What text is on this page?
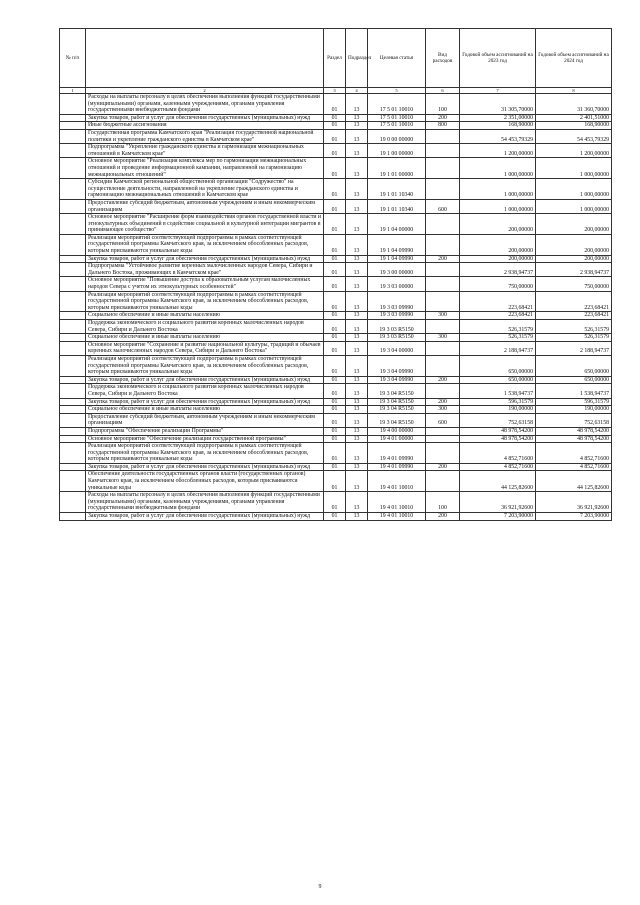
№ п/п		Раздел	Подраздел	Целевая статья	Вид расходов	Годовой объем ассигнований на 2023 год	Годовой объем ассигнований на 2024 год
1	2	3	4	5	6	7	8
	Расходы на выплаты персоналу в целях обеспечения выполнения функций государственными (муниципальными) органами, казенными учреждениями, органами управления государственными внебюджетными фондами	01	13	17 5 01 10010	100	31 305,70000	31 360,70000
	Закупка товаров, работ и услуг для обеспечения государственных (муниципальных) нужд	01	13	17 5 01 10010	200	2 351,00000	2 401,51000
	Иные бюджетные ассигнования	01	13	17 5 01 10010	800	168,90000	168,90000
	Государственная программа Камчатского края "Реализация государственной национальной политики и укрепление гражданского единства в Камчатском крае"	01	13	19 0 00 00000		54 453,79329	54 453,79329
	Подпрограмма "Укрепление гражданского единства и гармонизация межнациональных отношений в Камчатском крае"	01	13	19 1 00 00000		1 200,00000	1 200,00000
	Основное мероприятие "Реализация комплекса мер по гармонизации межнациональных отношений и проведение информационной кампании, направленной на гармонизацию межнациональных отношений"	01	13	19 1 01 00000		1 000,00000	1 000,00000
	Субсидия Камчатской региональной общественной организации "Содружество" на осуществление деятельности, направленной на укрепление гражданского единства и гармонизацию межнациональных отношений в Камчатском крае	01	13	19 1 01 10340		1 000,00000	1 000,00000
	Предоставление субсидий бюджетным, автономным учреждениям и иным некоммерческим организациям	01	13	19 1 01 10340	600	1 000,00000	1 000,00000
	Основное мероприятие "Расширение форм взаимодействия органов государственной власти и этнокультурных объединений в содействие социальной и культурной интеграции мигрантов в принимающее сообщество"	01	13	19 1 04 00000		200,00000	200,00000
	Реализация мероприятий соответствующей подпрограммы в рамках соответствующей государственной программы Камчатского края, за исключением обособленных расходов, которым присваиваются уникальные коды	01	13	19 1 04 09990		200,00000	200,00000
	Закупка товаров, работ и услуг для обеспечения государственных (муниципальных) нужд	01	13	19 1 04 09990	200	200,00000	200,00000
	Подпрограмма "Устойчивое развитие коренных малочисленных народов Севера, Сибири и Дальнего Востока, проживающих в Камчатском крае"	01	13	19 3 00 00000		2 938,94737	2 938,94737
	Основное мероприятие "Повышение доступа к образовательным услугам малочисленных народов Севера с учетом их этнокультурных особенностей"	01	13	19 3 03 00000		750,00000	750,00000
	Реализация мероприятий соответствующей подпрограммы в рамках соответствующей государственной программы Камчатского края, за исключением обособленных расходов, которым присваиваются уникальные коды	01	13	19 3 03 09990		223,68421	223,68421
	Социальное обеспечение и иные выплаты населению	01	13	19 3 03 09990	300	223,68421	223,68421
	Поддержка экономического и социального развития коренных малочисленных народов Севера, Сибири и Дальнего Востока	01	13	19 3 03 R5150		526,31579	526,31579
	Социальное обеспечение и иные выплаты населению	01	13	19 3 03 R5150	300	526,31579	526,31579
	Основное мероприятие "Сохранение и развитие национальной культуры, традиций и обычаев коренных малочисленных народов Севера, Сибири и Дальнего Востока"	01	13	19 3 04 00000		2 188,94737	2 188,94737
	Реализация мероприятий соответствующей подпрограммы в рамках соответствующей государственной программы Камчатского края, за исключением обособленных расходов, которым присваиваются уникальные коды	01	13	19 3 04 09990		650,00000	650,00000
	Закупка товаров, работ и услуг для обеспечения государственных (муниципальных) нужд	01	13	19 3 04 09990	200	650,00000	650,00000
	Поддержка экономического и социального развития коренных малочисленных народов Севера, Сибири и Дальнего Востока	01	13	19 3 04 R5150		1 538,94737	1 538,94737
	Закупка товаров, работ и услуг для обеспечения государственных (муниципальных) нужд	01	13	19 3 04 R5150	200	596,31579	596,31579
	Социальное обеспечение и иные выплаты населению	01	13	19 3 04 R5150	300	190,00000	190,00000
	Предоставление субсидий бюджетным, автономным учреждениям и иным некоммерческим организациям	01	13	19 3 04 R5150	600	752,63158	752,63158
	Подпрограмма "Обеспечение реализации Программы"	01	13	19 4 00 00000		48 978,54200	48 978,54200
	Основное мероприятие "Обеспечение реализации государственной программы"	01	13	19 4 01 00000		48 978,54200	48 978,54200
	Реализация мероприятий соответствующей подпрограммы в рамках соответствующей государственной программы Камчатского края, за исключением обособленных расходов, которым присваиваются уникальные коды	01	13	19 4 01 09990		4 852,71600	4 852,71600
	Закупка товаров, работ и услуг для обеспечения государственных (муниципальных) нужд	01	13	19 4 01 09990	200	4 852,71600	4 852,71600
	Обеспечение деятельности государственных органов власти (государственных органов) Камчатского края, за исключением обособленных расходов, которым присваиваются уникальные коды	01	13	19 4 01 10010		44 125,82600	44 125,82600
	Расходы на выплаты персоналу в целях обеспечения выполнения функций государственными (муниципальными) органами, казенными учреждениями, органами управления государственными внебюджетными фондами	01	13	19 4 01 10010	100	36 921,92600	36 921,92600
	Закупка товаров, работ и услуг для обеспечения государственных (муниципальных) нужд	01	13	19 4 01 10010	200	7 203,90000	7 203,90000
9
